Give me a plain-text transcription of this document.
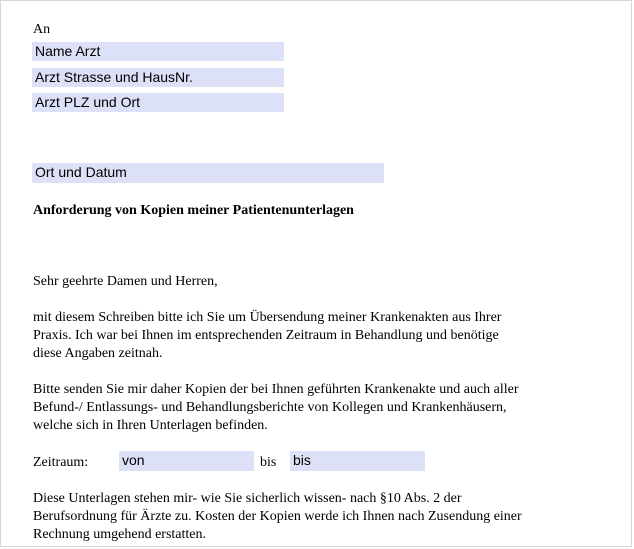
An
Name Arzt
Arzt Strasse und HausNr.
Arzt PLZ und Ort
Ort und Datum
Anforderung von Kopien meiner Patientenunterlagen
Sehr geehrte Damen und Herren,
mit diesem Schreiben bitte ich Sie um Übersendung meiner Krankenakten aus Ihrer
Praxis. Ich war bei Ihnen im entsprechenden Zeitraum in Behandlung und benötige
diese Angaben zeitnah.
Bitte senden Sie mir daher Kopien der bei Ihnen geführten Krankenakte und auch aller
Befund-/ Entlassungs- und Behandlungsberichte von Kollegen und Krankenhäusern,
welche sich in Ihren Unterlagen befinden.
Zeitraum: von	bis bis
Diese Unterlagen stehen mir- wie Sie sicherlich wissen- nach §10 Abs. 2 der
Berufsordnung für Ärzte zu. Kosten der Kopien werde ich Ihnen nach Zusendung einer
Rechnung umgehend erstatten.
